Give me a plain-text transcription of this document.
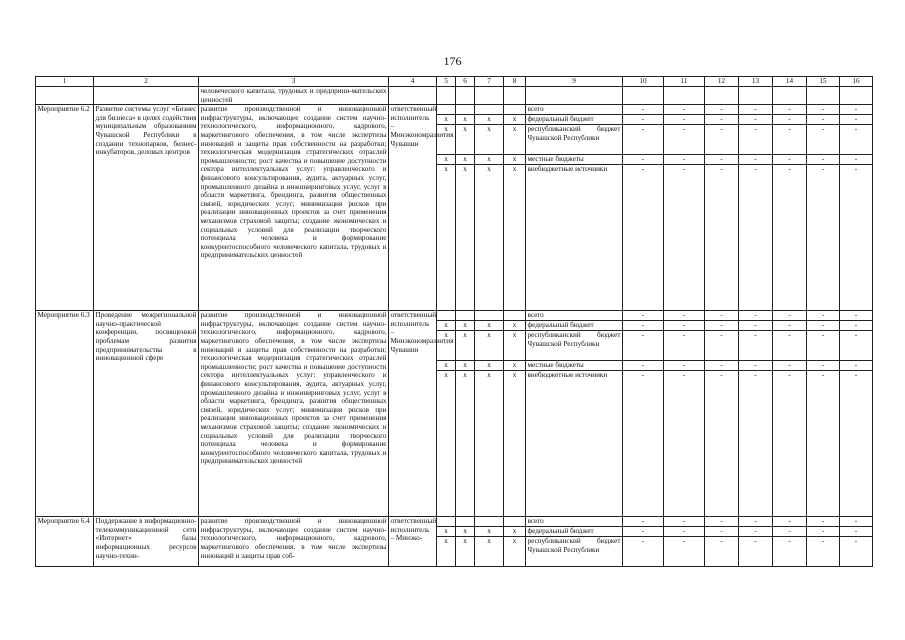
176
1	2	3	4	5	6	7	8	9	10	11	12	13	14	15	16
		человеческого капитала, трудовых и предприни-мательских ценностей													
Мероприятие 6.2	Развитие системы услуг «Бизнес для бизнеса» в целях содействия муниципальным образованиям Чувашской Республики в создании технопарков, бизнес-инкубаторов, деловых центров	развитие производственной и инновационной инфраструктуры, включающее создание систем научно-технологического, информационного, кадрового, маркетингового обеспечения, в том числе экспертизы инноваций и защиты прав собственности на разработки; технологическая модернизация стратегических отраслей промышленности; рост качества и повышение доступности сектора интеллектуальных услуг: управленческого и финансового консультирования, аудита, актуарных услуг, промышленного дизайна и инжиниринговых услуг, услуг в области маркетинга, брендинга, развития общественных связей, юридических услуг; минимизация рисков при реализации инновационных проектов за счет применения механизмов страховой защиты; создание экономических и социальных условий для реализации творческого потенциала человека и формирование конкурентоспособного человеческого капитала, трудовых и предпринимательских ценностей	ответственный исполнитель – Минэкономразвития Чувашии					всего	-	-	-	-	-	-	-
				x	x	x	x	федеральный бюджет	-	-	-	-	-	-	-
				x	x	x	x	республиканский бюджет Чувашской Республики	-	-	-	-	-	-	-
				x	x	x	x	местные бюджеты	-	-	-	-	-	-	-
				x	x	x	x	внебюджетные источники	-	-	-	-	-	-	-
Мероприятие 6.3	Проведение межрегиональной научно-практической конференции, посвященной проблемам развития предпринимательства в инновационной сфере	развитие производственной и инновационной инфраструктуры, включающее создание систем научно-технологического, информационного, кадрового, маркетингового обеспечения, в том числе экспертизы инноваций и защиты прав собственности на разработки; технологическая модернизация стратегических отраслей промышленности; рост качества и повышение доступности сектора интеллектуальных услуг: управленческого и финансового консультирования, аудита, актуарных услуг, промышленного дизайна и инжиниринговых услуг, услуг в области маркетинга, брендинга, развития общественных связей, юридических услуг; минимизация рисков при реализации инновационных проектов за счет применения механизмов страховой защиты; создание экономических и социальных условий для реализации творческого потенциала человека и формирование конкурентоспособного человеческого капитала, трудовых и предпринимательских ценностей	ответственный исполнитель – Минэкономразвития Чувашии					всего	-	-	-	-	-	-	-
				x	x	x	x	федеральный бюджет	-	-	-	-	-	-	-
				x	x	x	x	республиканский бюджет Чувашской Республики	-	-	-	-	-	-	-
				x	x	x	x	местные бюджеты	-	-	-	-	-	-	-
				x	x	x	x	внебюджетные источники	-	-	-	-	-	-	-
Мероприятие 6.4	Поддержание в информационно-телекоммуникационной сети «Интернет» базы информационных ресурсов научно-техни-	развитие производственной и инновационной инфраструктуры, включающее создание систем научно-технологического, информационного, кадрового, маркетингового обеспечения, в том числе экспертизы инноваций и защиты прав соб-	ответственный исполнитель – Минэко-					всего	-	-	-	-	-	-	-
				x	x	x	x	федеральный бюджет	-	-	-	-	-	-	-
				x	x	x	x	республиканский бюджет Чувашской Республики	-	-	-	-	-	-	-
